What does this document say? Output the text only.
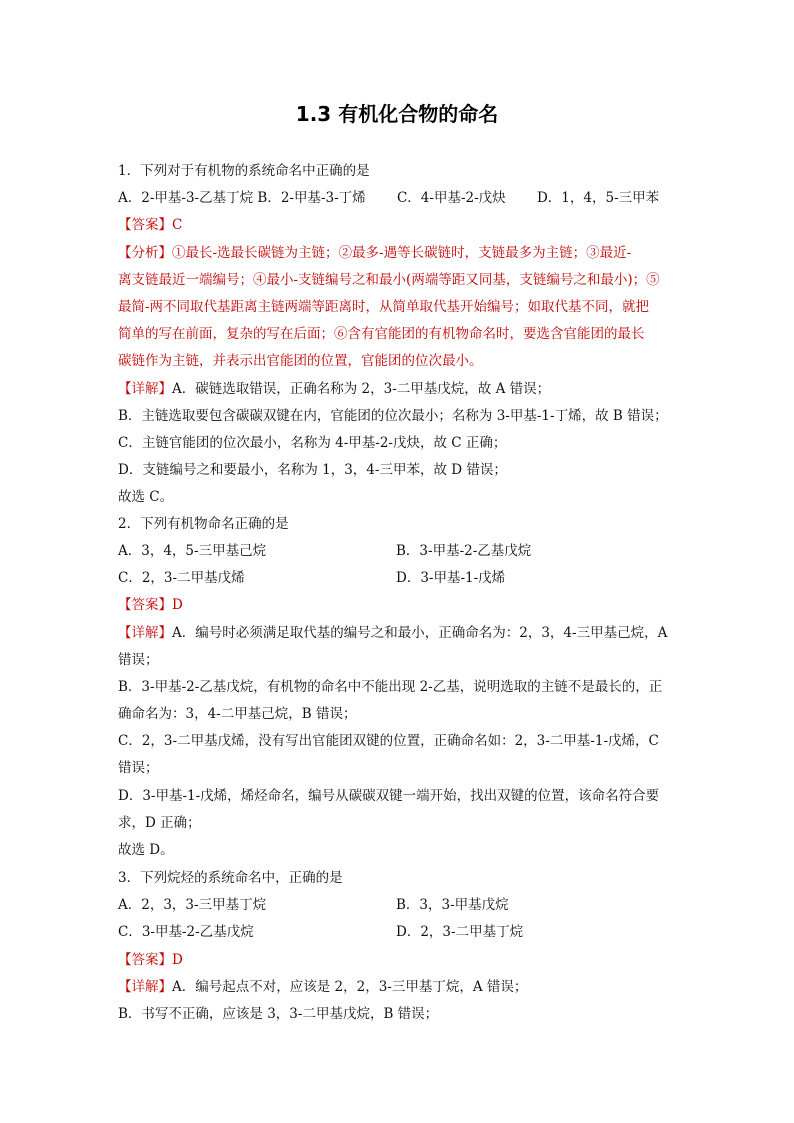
1.3 有机化合物的命名
1．下列对于有机物的系统命名中正确的是
A．2-甲基-3-乙基丁烷 B．2-甲基-3-丁烯　　 C．4-甲基-2-戊炔　　 D．1，4，5-三甲苯
【答案】C
【分析】①最长-选最长碳链为主链；②最多-遇等长碳链时，支链最多为主链；③最近-
离支链最近一端编号；④最小-支链编号之和最小(两端等距又同基，支链编号之和最小)；⑤
最简-两不同取代基距离主链两端等距离时，从简单取代基开始编号；如取代基不同，就把
简单的写在前面，复杂的写在后面；⑥含有官能团的有机物命名时，要选含官能团的最长
碳链作为主链，并表示出官能团的位置，官能团的位次最小。
【详解】A．碳链选取错误，正确名称为 2，3-二甲基戊烷，故 A 错误；
B．主链选取要包含碳碳双键在内，官能团的位次最小；名称为 3-甲基-1-丁烯，故 B 错误；
C．主链官能团的位次最小，名称为 4-甲基-2-戊炔，故 C 正确；
D．支链编号之和要最小，名称为 1，3，4-三甲苯，故 D 错误；
故选 C。
2．下列有机物命名正确的是
A．3，4，5-三甲基己烷	B．3-甲基-2-乙基戊烷
C．2，3-二甲基戊烯	D．3-甲基-1-戊烯
【答案】D
【详解】A．编号时必须满足取代基的编号之和最小，正确命名为：2，3，4-三甲基己烷，A
错误；
B．3-甲基-2-乙基戊烷，有机物的命名中不能出现 2-乙基，说明选取的主链不是最长的，正
确命名为：3，4-二甲基己烷，B 错误；
C．2，3-二甲基戊烯，没有写出官能团双键的位置，正确命名如：2，3-二甲基-1-戊烯，C
错误；
D．3-甲基-1-戊烯，烯烃命名，编号从碳碳双键一端开始，找出双键的位置，该命名符合要
求，D 正确；
故选 D。
3．下列烷烃的系统命名中，正确的是
A．2，3，3-三甲基丁烷	B．3，3-甲基戊烷
C．3-甲基-2-乙基戊烷	D．2，3-二甲基丁烷
【答案】D
【详解】A．编号起点不对，应该是 2，2，3-三甲基丁烷，A 错误；
B．书写不正确，应该是 3，3-二甲基戊烷，B 错误；
